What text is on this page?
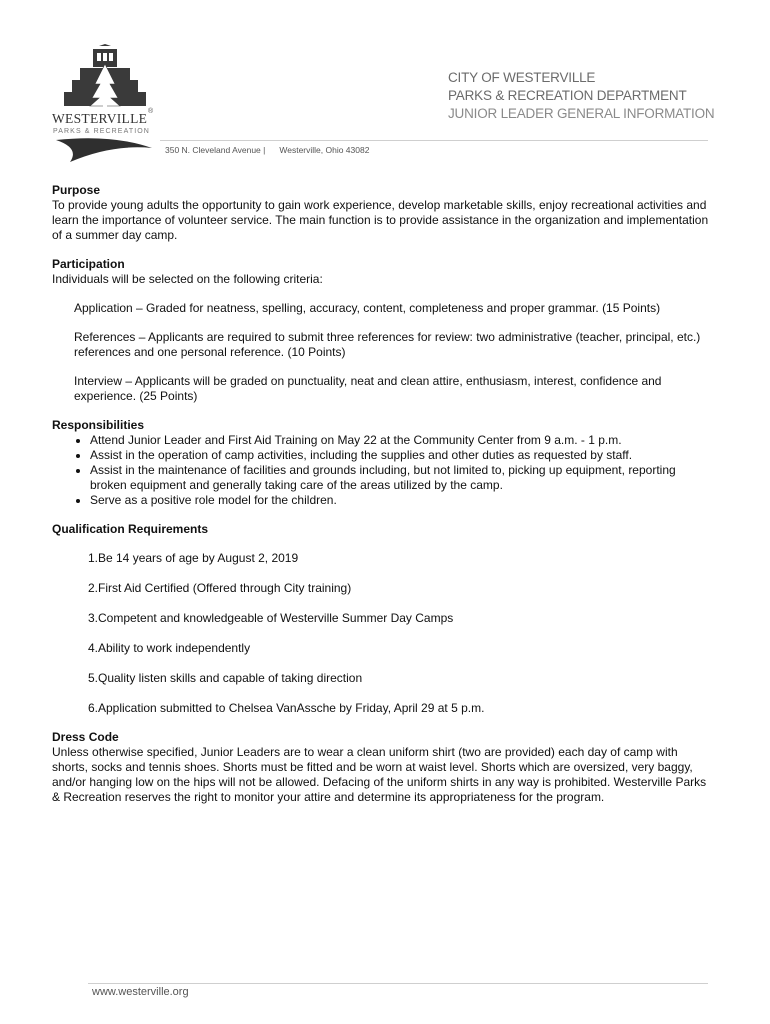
WESTERVILLE ®
PARKS & RECREATION
CITY OF WESTERVILLE
PARKS & RECREATION DEPARTMENT
JUNIOR LEADER GENERAL INFORMATION
350 N. Cleveland Avenue | Westerville, Ohio 43082
Purpose

To provide young adults the opportunity to gain work experience, develop marketable skills, enjoy recreational activities and learn the importance of volunteer service. The main function is to provide assistance in the organization and implementation of a summer day camp.

Participation

Individuals will be selected on the following criteria:

Application – Graded for neatness, spelling, accuracy, content, completeness and proper grammar. (15 Points)

References – Applicants are required to submit three references for review: two administrative (teacher, principal, etc.) references and one personal reference. (10 Points)

Interview – Applicants will be graded on punctuality, neat and clean attire, enthusiasm, interest, confidence and experience. (25 Points)

Responsibilities
• Attend Junior Leader and First Aid Training on May 22 at the Community Center from 9 a.m. - 1 p.m.
• Assist in the operation of camp activities, including the supplies and other duties as requested by staff.
• Assist in the maintenance of facilities and grounds including, but not limited to, picking up equipment, reporting broken equipment and generally taking care of the areas utilized by the camp.
• Serve as a positive role model for the children.
Qualification Requirements
1.Be 14 years of age by August 2, 2019
2.First Aid Certified (Offered through City training)
3.Competent and knowledgeable of Westerville Summer Day Camps
4.Ability to work independently
5.Quality listen skills and capable of taking direction
6.Application submitted to Chelsea VanAssche by Friday, April 29 at 5 p.m.
Dress Code

Unless otherwise specified, Junior Leaders are to wear a clean uniform shirt (two are provided) each day of camp with shorts, socks and tennis shoes. Shorts must be fitted and be worn at waist level. Shorts which are oversized, very baggy, and/or hanging low on the hips will not be allowed. Defacing of the uniform shirts in any way is prohibited. Westerville Parks & Recreation reserves the right to monitor your attire and determine its appropriateness for the program.

www.westerville.org
